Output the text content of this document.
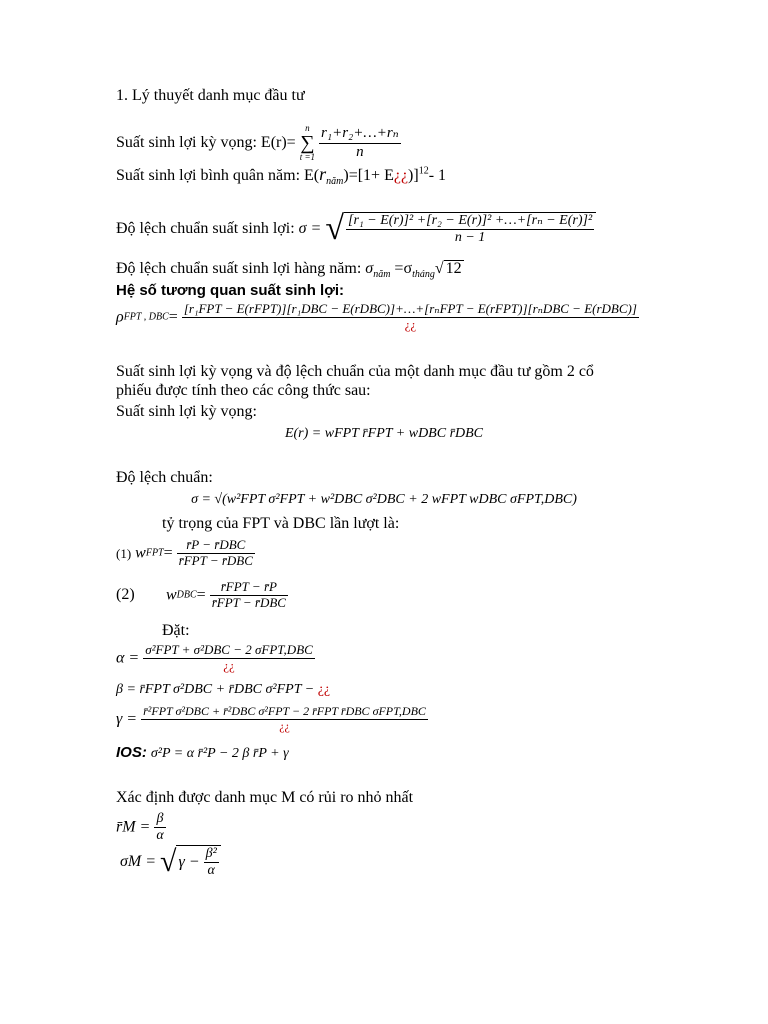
1. Lý thuyết danh mục đầu tư
Suất sinh lợi kỳ vọng: E(r)= n
∑
$t =1 \frac{\text{r₁+r₂+…+rₙ}}{n}$
Suất sinh lợi bình quân năm: $E(r_{năm})=[1+$ E¿¿)]$^{12}$- 1
Độ lệch chuẩn suất sinh lợi: σ = √ $\frac{\text{[r₁ − E(r)]² +[r₂ − E(r)]² +…+[rₙ − E(r)]²}}{n - 1}$
Độ lệch chuẩn suất sinh lợi hàng năm: $\sigma_{năm} =\sigma_{tháng}√$ 12
Hệ số tương quan suất sinh lợi:
ρFPT , DBC= [r₁FPT − E(rFPT)][r₁DBC − E(rDBC)]+…+[rₙFPT − E(rFPT)][rₙDBC − E(rDBC)]
¿¿
Suất sinh lợi kỳ vọng và độ lệch chuẩn của một danh mục đầu tư gồm 2 cổ
phiếu được tính theo các công thức sau:
Suất sinh lợi kỳ vọng:
E(r) = wFPT r̄FPT + wDBC r̄DBC
Độ lệch chuẩn:
σ = √(w²FPT σ²FPT + w²DBC σ²DBC + 2 wFPT wDBC σFPT,DBC)
tỷ trọng của FPT và DBC lần lượt là:
(1) wFPT= $\frac{\text{r̄P − r̄DBC}}{\text{r̄FPT − r̄DBC}}$
(2) wDBC= $\frac{\text{r̄FPT − r̄P}}{\text{r̄FPT − r̄DBC}}$
Đặt:
$\alpha = \frac{\text{σ²FPT + σ²DBC − 2 σFPT,DBC}}{¿¿}$
β = r̄FPT σ²DBC + r̄DBC σ²FPT − ¿¿
$\gamma = \frac{\text{r̄²FPT σ²DBC + r̄²DBC σ²FPT − 2 r̄FPT r̄DBC σFPT,DBC}}{¿¿}$
IOS: σ²P = α r̄²P − 2 β r̄P + γ
Xác định được danh mục M có rủi ro nhỏ nhất
r̄M = $\frac{\beta}{\alpha}$
σM = √ $\gamma - \frac{\text{β²}}{\alpha}$
